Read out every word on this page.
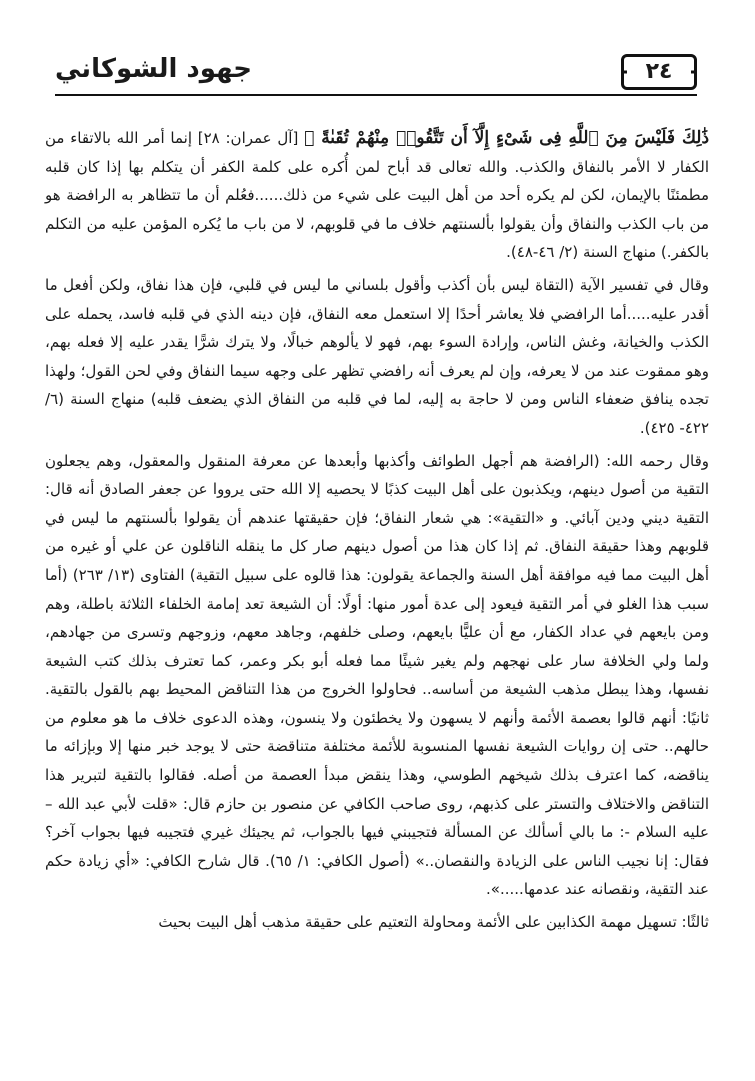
٢٤
جهود الشوكاني

ذَٰلِكَ فَلَيْسَ مِنَ ٱللَّهِ فِى شَىْءٍ إِلَّآ أَن تَتَّقُوا۟ مِنْهُمْ تُقَىٰةً ﴾ [آل عمران: ٢٨] إنما أمر الله بالاتقاء من الكفار لا الأمر بالنفاق والكذب. والله تعالى قد أباح لمن أُكره على كلمة الكفر أن يتكلم بها إذا كان قلبه مطمئنًا بالإيمان، لكن لم يكره أحد من أهل البيت على شيء من ذلك......فعُلم أن ما تتظاهر به الرافضة هو من باب الكذب والنفاق وأن يقولوا بألسنتهم خلاف ما في قلوبهم، لا من باب ما يُكره المؤمن عليه من التكلم بالكفر.) منهاج السنة (٢/ ٤٦-٤٨).

وقال في تفسير الآية (التقاة ليس بأن أكذب وأقول بلساني ما ليس في قلبي، فإن هذا نفاق، ولكن أفعل ما أقدر عليه.....أما الرافضي فلا يعاشر أحدًا إلا استعمل معه النفاق، فإن دينه الذي في قلبه فاسد، يحمله على الكذب والخيانة، وغش الناس، وإرادة السوء بهم، فهو لا يألوهم خبالًا، ولا يترك شرًّا يقدر عليه إلا فعله بهم، وهو ممقوت عند من لا يعرفه، وإن لم يعرف أنه رافضي تظهر على وجهه سيما النفاق وفي لحن القول؛ ولهذا تجده ينافق ضعفاء الناس ومن لا حاجة به إليه، لما في قلبه من النفاق الذي يضعف قلبه) منهاج السنة (٦/ ٤٢٢- ٤٢٥).

وقال رحمه الله: (الرافضة هم أجهل الطوائف وأكذبها وأبعدها عن معرفة المنقول والمعقول، وهم يجعلون التقية من أصول دينهم، ويكذبون على أهل البيت كذبًا لا يحصيه إلا الله حتى يرووا عن جعفر الصادق أنه قال: التقية ديني ودين آبائي. و «التقية»: هي شعار النفاق؛ فإن حقيقتها عندهم أن يقولوا بألسنتهم ما ليس في قلوبهم وهذا حقيقة النفاق. ثم إذا كان هذا من أصول دينهم صار كل ما ينقله الناقلون عن علي أو غيره من أهل البيت مما فيه موافقة أهل السنة والجماعة يقولون: هذا قالوه على سبيل التقية) الفتاوى (١٣/ ٢٦٣) (أما سبب هذا الغلو في أمر التقية فيعود إلى عدة أمور منها: أولًا: أن الشيعة تعد إمامة الخلفاء الثلاثة باطلة، وهم ومن بايعهم في عداد الكفار، مع أن عليًّا بايعهم، وصلى خلفهم، وجاهد معهم، وزوجهم وتسرى من جهادهم، ولما ولي الخلافة سار على نهجهم ولم يغير شيئًا مما فعله أبو بكر وعمر، كما تعترف بذلك كتب الشيعة نفسها، وهذا يبطل مذهب الشيعة من أساسه.. فحاولوا الخروج من هذا التناقض المحيط بهم بالقول بالتقية. ثانيًا: أنهم قالوا بعصمة الأئمة وأنهم لا يسهون ولا يخطئون ولا ينسون، وهذه الدعوى خلاف ما هو معلوم من حالهم.. حتى إن روايات الشيعة نفسها المنسوبة للأئمة مختلفة متناقضة حتى لا يوجد خبر منها إلا وبإزائه ما يناقضه، كما اعترف بذلك شيخهم الطوسي، وهذا ينقض مبدأ العصمة من أصله. فقالوا بالتقية لتبرير هذا التناقض والاختلاف والتستر على كذبهم، روى صاحب الكافي عن منصور بن حازم قال: «قلت لأبي عبد الله – عليه السلام -: ما بالي أسألك عن المسألة فتجيبني فيها بالجواب، ثم يجيئك غيري فتجيبه فيها بجواب آخر؟ فقال: إنا نجيب الناس على الزيادة والنقصان..» (أصول الكافي: ١/ ٦٥). قال شارح الكافي: «أي زيادة حكم عند التقية، ونقصانه عند عدمها.....».

ثالثًا: تسهيل مهمة الكذابين على الأئمة ومحاولة التعتيم على حقيقة مذهب أهل البيت بحيث
